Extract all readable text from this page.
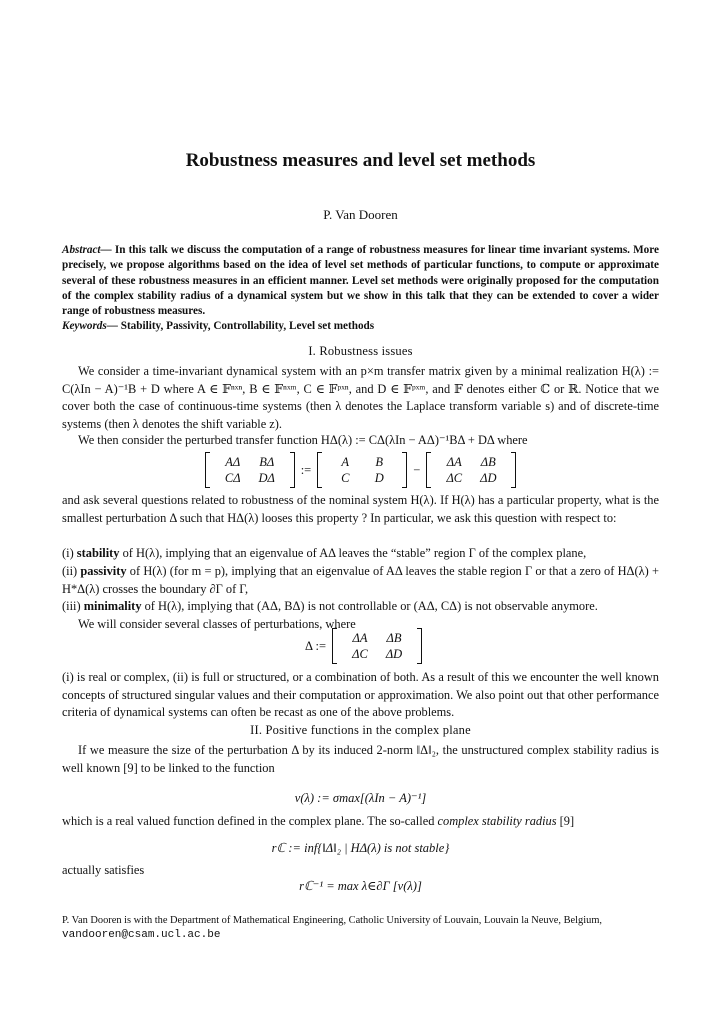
Robustness measures and level set methods
P. Van Dooren
Abstract— In this talk we discuss the computation of a range of robustness measures for linear time invariant systems. More precisely, we propose algorithms based on the idea of level set methods of particular functions, to compute or approximate several of these robustness measures in an efficient manner. Level set methods were originally proposed for the computation of the complex stability radius of a dynamical system but we show in this talk that they can be extended to cover a wider range of robustness measures.
Keywords— Stability, Passivity, Controllability, Level set methods
I. Robustness issues
We consider a time-invariant dynamical system with an p×m transfer matrix given by a minimal realization H(λ) := C(λIn − A)⁻¹B + D where A ∈ 𝔽ⁿˣⁿ, B ∈ 𝔽ⁿˣᵐ, C ∈ 𝔽ᵖˣⁿ, and D ∈ 𝔽ᵖˣᵐ, and 𝔽 denotes either ℂ or ℝ. Notice that we cover both the case of continuous-time systems (then λ denotes the Laplace transform variable s) and of discrete-time systems (then λ denotes the shift variable z).
We then consider the perturbed transfer function HΔ(λ) := CΔ(λIn − AΔ)⁻¹BΔ + DΔ where
AΔ BΔ
CΔ DΔ
:=
A B
C D
−
ΔA ΔB
ΔC ΔD
and ask several questions related to robustness of the nominal system H(λ). If H(λ) has a particular property, what is the smallest perturbation Δ such that HΔ(λ) looses this property ? In particular, we ask this question with respect to:
(i) stability of H(λ), implying that an eigenvalue of AΔ leaves the “stable” region Γ of the complex plane,
(ii) passivity of H(λ) (for m = p), implying that an eigenvalue of AΔ leaves the stable region Γ or that a zero of HΔ(λ) + H*Δ(λ) crosses the boundary ∂Γ of Γ,
(iii) minimality of H(λ), implying that (AΔ, BΔ) is not controllable or (AΔ, CΔ) is not observable anymore.
We will consider several classes of perturbations, where
Δ :=
ΔA ΔB
ΔC ΔD
(i) is real or complex, (ii) is full or structured, or a combination of both. As a result of this we encounter the well known concepts of structured singular values and their computation or approximation. We also point out that other performance criteria of dynamical systems can often be recast as one of the above problems.
II. Positive functions in the complex plane
If we measure the size of the perturbation Δ by its induced 2-norm ‖Δ‖₂, the unstructured complex stability radius is well known [9] to be linked to the function
ν(λ) := σmax[(λIn − A)⁻¹]
which is a real valued function defined in the complex plane. The so-called complex stability radius [9]
rℂ := inf{‖Δ‖₂ | HΔ(λ) is not stable}
actually satisfies
rℂ⁻¹ = max λ∈∂Γ [ν(λ)]
P. Van Dooren is with the Department of Mathematical Engineering, Catholic University of Louvain, Louvain la Neuve, Belgium,
vandooren@csam.ucl.ac.be
